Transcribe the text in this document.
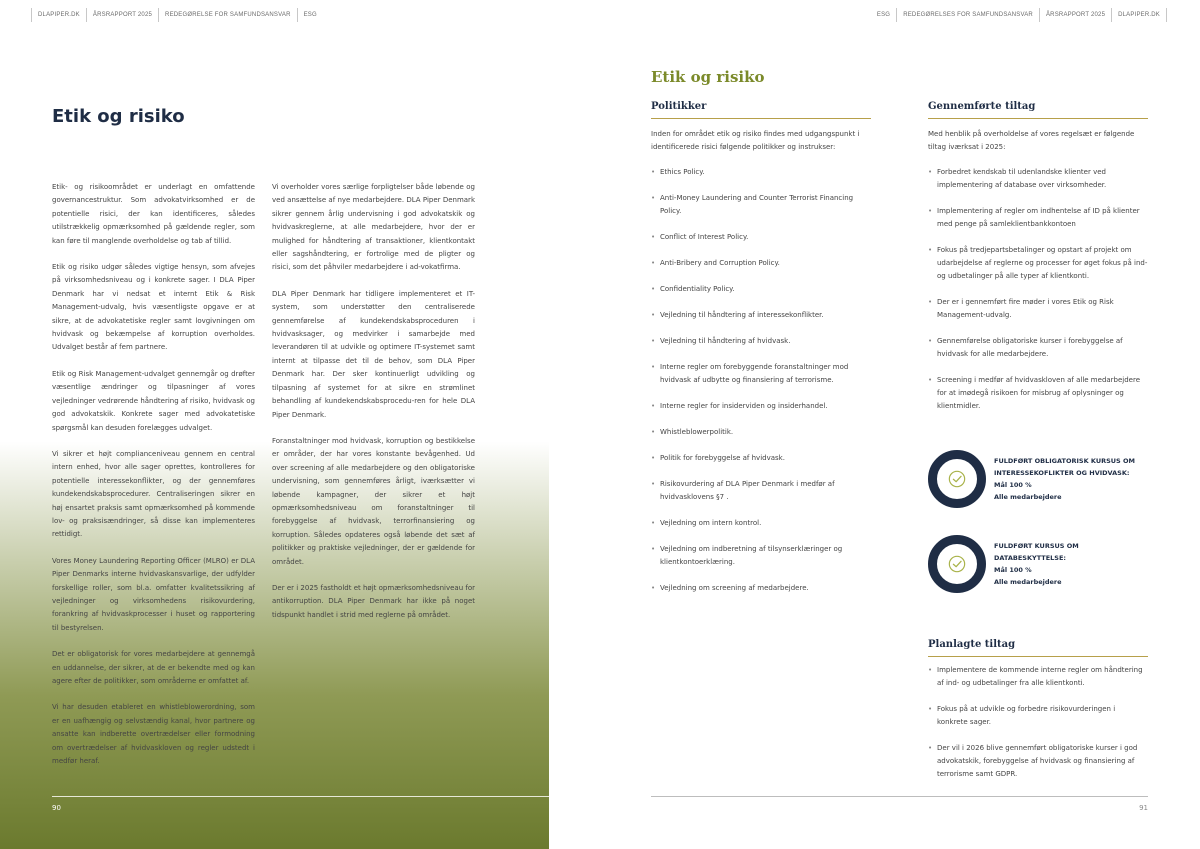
DLAPIPER.DK	ÅRSRAPPORT 2025	REDEGØRELSE FOR SAMFUNDSANSVAR	ESG	ESG	REDEGØRELSES FOR SAMFUNDSANSVAR	ÅRSRAPPORT 2025	DLAPIPER.DK
Etik og risiko

Etik- og risikoområdet er underlagt en omfattende governancestruktur. Som advokatvirksomhed er de potentielle risici, der kan identificeres, således utilstrækkelig opmærksomhed på gældende regler, som kan føre til manglende overholdelse og tab af tillid.

Etik og risiko udgør således vigtige hensyn, som afvejes på virksomhedsniveau og i konkrete sager. I DLA Piper Denmark har vi nedsat et internt Etik & Risk Management-udvalg, hvis væsentligste opgave er at sikre, at de advokatetiske regler samt lovgivningen om hvidvask og bekæmpelse af korruption overholdes. Udvalget består af fem partnere.

Etik og Risk Management-udvalget gennemgår og drøfter væsentlige ændringer og tilpasninger af vores vejledninger vedrørende håndtering af risiko, hvidvask og god advokatskik. Konkrete sager med advokatetiske spørgsmål kan desuden forelægges udvalget.

Vi sikrer et højt complianceniveau gennem en central intern enhed, hvor alle sager oprettes, kontrolleres for potentielle interessekonflikter, og der gennemføres kundekendskabsprocedurer. Centraliseringen sikrer en høj ensartet praksis samt opmærksomhed på kommende lov- og praksisændringer, så disse kan implementeres rettidigt.

Vores Money Laundering Reporting Officer (MLRO) er DLA Piper Denmarks interne hvidvaskansvarlige, der udfylder forskellige roller, som bl.a. omfatter kvalitetssikring af vejledninger og virksomhedens risikovurdering, forankring af hvidvaskprocesser i huset og rapportering til bestyrelsen.

Det er obligatorisk for vores medarbejdere at gennemgå en uddannelse, der sikrer, at de er bekendte med og kan agere efter de politikker, som områderne er omfattet af.

Vi har desuden etableret en whistleblowerordning, som er en uafhængig og selvstændig kanal, hvor partnere og ansatte kan indberette overtrædelser eller formodning om overtrædelser af hvidvaskloven og regler udstedt i medfør heraf.

Vi overholder vores særlige forpligtelser både løbende og ved ansættelse af nye medarbejdere. DLA Piper Denmark sikrer gennem årlig undervisning i god advokatskik og hvidvaskreglerne, at alle medarbejdere, hvor der er mulighed for håndtering af transaktioner, klientkontakt eller sagshåndtering, er fortrolige med de pligter og risici, som det påhviler medarbejdere i ad-vokatfirma.

DLA Piper Denmark har tidligere implementeret et IT-system, som understøtter den centraliserede gennemførelse af kundekendskabsproceduren i hvidvasksager, og medvirker i samarbejde med leverandøren til at udvikle og optimere IT-systemet samt internt at tilpasse det til de behov, som DLA Piper Denmark har. Der sker kontinuerligt udvikling og tilpasning af systemet for at sikre en strømlinet behandling af kundekendskabsprocedu-ren for hele DLA Piper Denmark.

Foranstaltninger mod hvidvask, korruption og bestikkelse er områder, der har vores konstante bevågenhed. Ud over screening af alle medarbejdere og den obligatoriske undervisning, som gennemføres årligt, iværksætter vi løbende kampagner, der sikrer et højt opmærksomhedsniveau om foranstaltninger til forebyggelse af hvidvask, terrorfinansiering og korruption. Således opdateres også løbende det sæt af politikker og praktiske vejledninger, der er gældende for området.

Der er i 2025 fastholdt et højt opmærksomhedsniveau for antikorruption. DLA Piper Denmark har ikke på noget tidspunkt handlet i strid med reglerne på området.

90
Etik og risiko
Politikker

Inden for området etik og risiko findes med udgangspunkt i identificerede risici følgende politikker og instrukser:

• Ethics Policy.
• Anti-Money Laundering and Counter Terrorist Financing Policy.
• Conflict of Interest Policy.
• Anti-Bribery and Corruption Policy.
• Confidentiality Policy.
• Vejledning til håndtering af interessekonflikter.
• Vejledning til håndtering af hvidvask.
• Interne regler om forebyggende foranstaltninger mod hvidvask af udbytte og finansiering af terrorisme.
• Interne regler for insiderviden og insiderhandel.
• Whistleblowerpolitik.
• Politik for forebyggelse af hvidvask.
• Risikovurdering af DLA Piper Denmark i medfør af hvidvasklovens §7 .
• Vejledning om intern kontrol.
• Vejledning om indberetning af tilsynserklæringer og klientkontoerklæring.
• Vejledning om screening af medarbejdere.
Gennemførte tiltag

Med henblik på overholdelse af vores regelsæt er følgende tiltag iværksat i 2025:

• Forbedret kendskab til udenlandske klienter ved implementering af database over virksomheder.
• Implementering af regler om indhentelse af ID på klienter med penge på samleklientbankkontoen
• Fokus på tredjepartsbetalinger og opstart af projekt om udarbejdelse af reglerne og processer for øget fokus på ind- og udbetalinger på alle typer af klientkonti.
• Der er i gennemført fire møder i vores Etik og Risk Management-udvalg.
• Gennemførelse obligatoriske kurser i forebyggelse af hvidvask for alle medarbejdere.
• Screening i medfør af hvidvaskloven af alle medarbejdere for at imødegå risikoen for misbrug af oplysninger og klientmidler.
FULDFØRT OBLIGATORISK KURSUS OM INTERESSEKOFLIKTER OG HVIDVASK:
Mål 100 %
Alle medarbejdere
FULDFØRT KURSUS OM DATABESKYTTELSE:
Mål 100 %
Alle medarbejdere
Planlagte tiltag
• Implementere de kommende interne regler om håndtering af ind- og udbetalinger fra alle klientkonti.
• Fokus på at udvikle og forbedre risikovurderingen i konkrete sager.
• Der vil i 2026 blive gennemført obligatoriske kurser i god advokatskik, forebyggelse af hvidvask og finansiering af terrorisme samt GDPR.
91
